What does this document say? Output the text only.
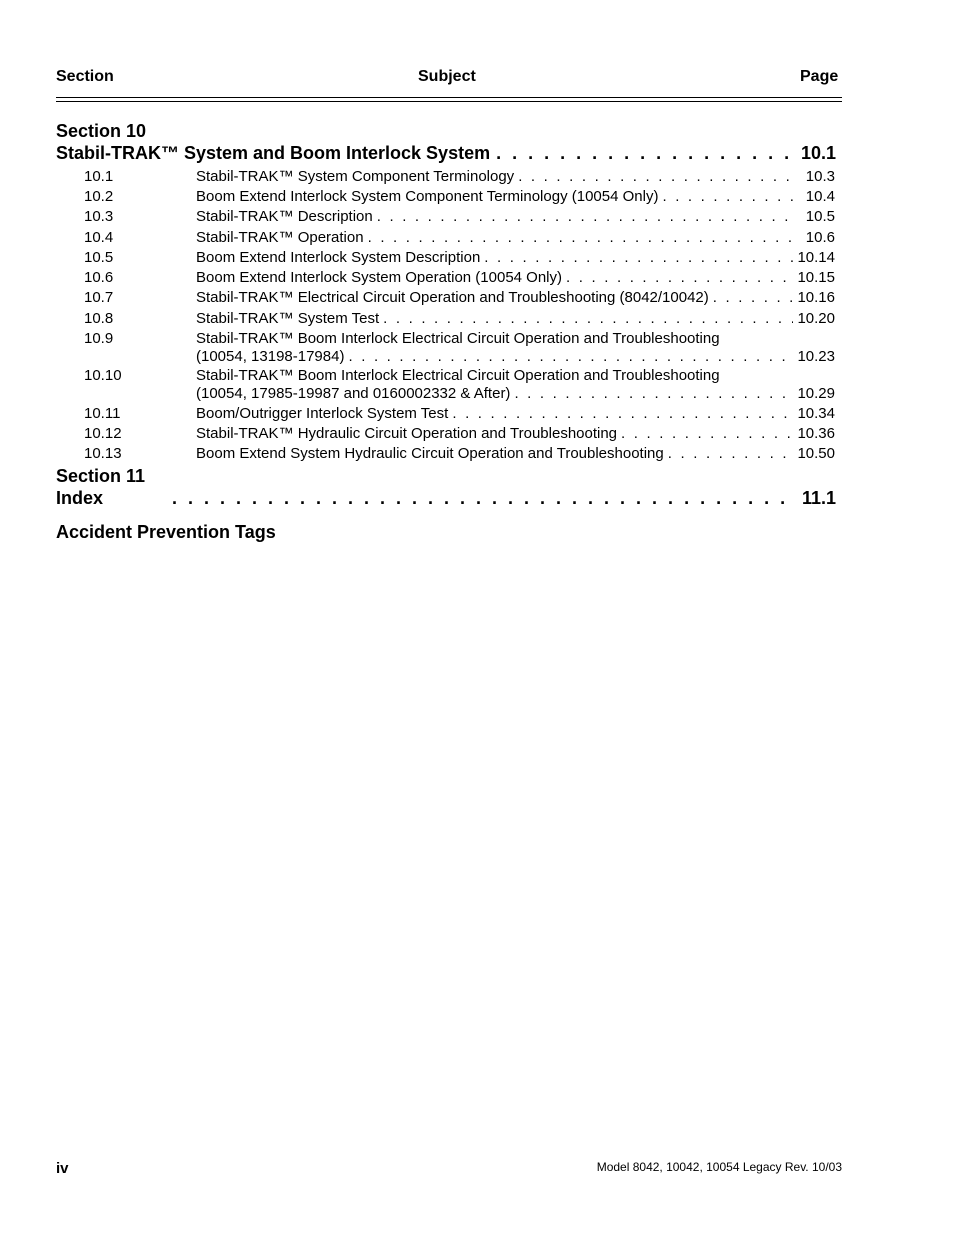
Section	Subject	Page
Section 10
Stabil-TRAK™ System and Boom Interlock System . . .	10.1
10.1	Stabil-TRAK™ System Component Terminology . . .	10.3
10.2	Boom Extend Interlock System Component Terminology (10054 Only) . . .	10.4
10.3	Stabil-TRAK™ Description . . .	10.5
10.4	Stabil-TRAK™ Operation . . .	10.6
10.5	Boom Extend Interlock System Description . . .	10.14
10.6	Boom Extend Interlock System Operation (10054 Only) . . .	10.15
10.7	Stabil-TRAK™ Electrical Circuit Operation and Troubleshooting (8042/10042) . . .	10.16
10.8	Stabil-TRAK™ System Test . . .	10.20
10.9	Stabil-TRAK™ Boom Interlock Electrical Circuit Operation and Troubleshooting
(10054, 13198-17984) . . .	10.23
10.10	Stabil-TRAK™ Boom Interlock Electrical Circuit Operation and Troubleshooting
(10054, 17985-19987 and 0160002332 & After) . . .	10.29
10.11	Boom/Outrigger Interlock System Test . . .	10.34
10.12	Stabil-TRAK™ Hydraulic Circuit Operation and Troubleshooting . . .	10.36
10.13	Boom Extend System Hydraulic Circuit Operation and Troubleshooting . . .	10.50
Section 11
Index . . .	11.1
Accident Prevention Tags
iv	Model 8042, 10042, 10054 Legacy Rev. 10/03
